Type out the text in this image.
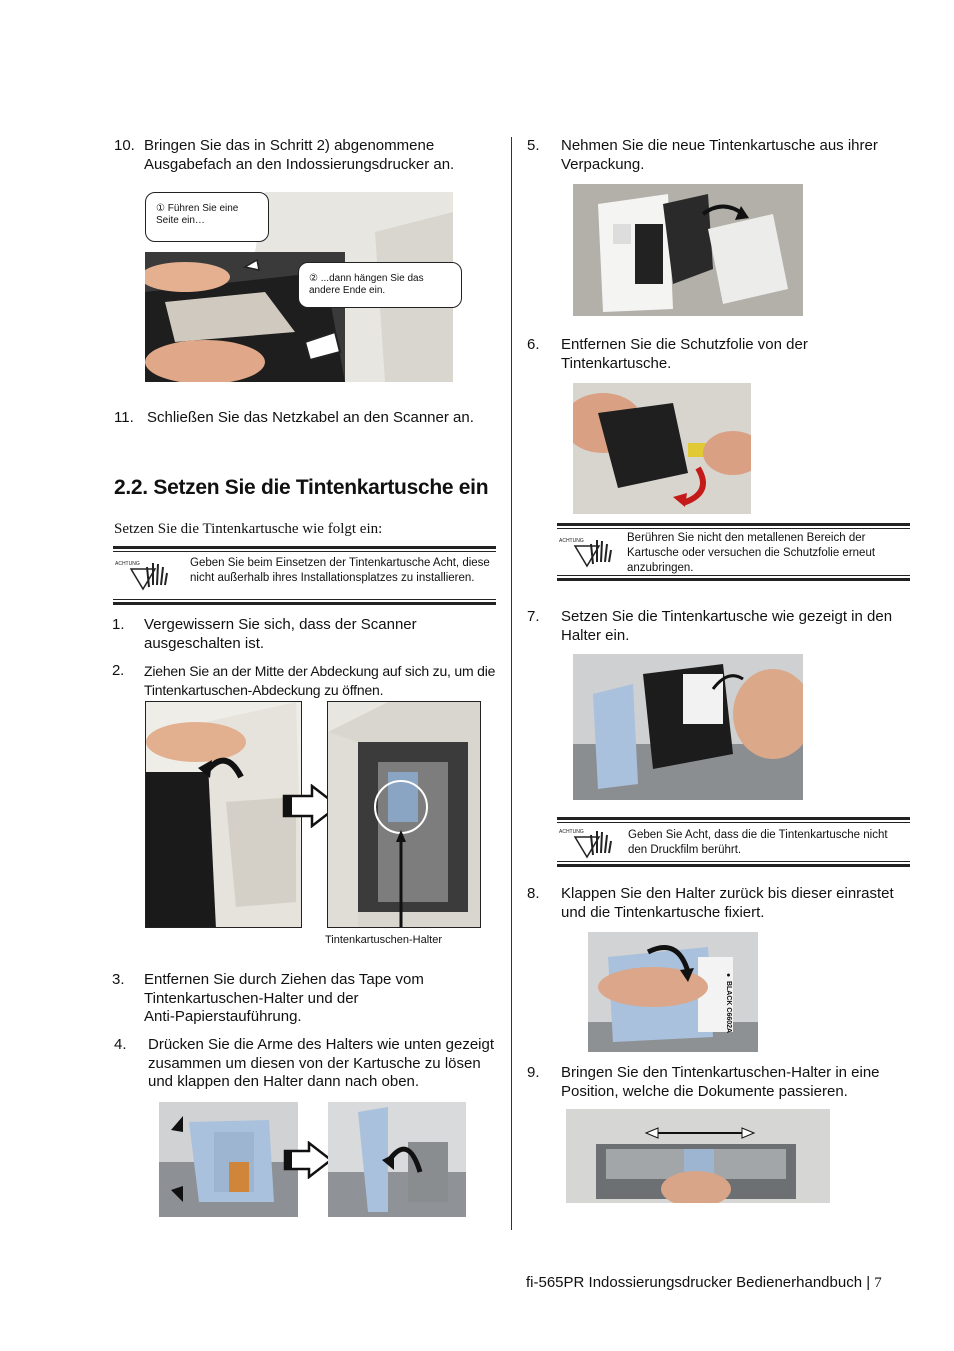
10. Bringen Sie das in Schritt 2) abgenommene Ausgabefach an den Indossierungsdrucker an.
① Führen Sie eine Seite ein…
② ...dann hängen Sie das andere Ende ein.
11. Schließen Sie das Netzkabel an den Scanner an.
2.2. Setzen Sie die Tintenkartusche ein
Setzen Sie die Tintenkartusche wie folgt ein:
ACHTUNG	Geben Sie beim Einsetzen der Tintenkartusche Acht, diese nicht außerhalb ihres Installationsplatzes zu installieren.
1. Vergewissern Sie sich, dass der Scanner ausgeschalten ist.
2. Ziehen Sie an der Mitte der Abdeckung auf sich zu, um die Tintenkartuschen-Abdeckung zu öffnen.
Tintenkartuschen-Halter
3. Entfernen Sie durch Ziehen das Tape vom
Tintenkartuschen-Halter und der
Anti-Papierstauführung.
4. Drücken Sie die Arme des Halters wie unten gezeigt zusammen um diesen von der Kartusche zu lösen und klappen den Halter dann nach oben.
5. Nehmen Sie die neue Tintenkartusche aus ihrer Verpackung.
6. Entfernen Sie die Schutzfolie von der Tintenkartusche.
ACHTUNG	Berühren Sie nicht den metallenen Bereich der Kartusche oder versuchen die Schutzfolie erneut anzubringen.
7. Setzen Sie die Tintenkartusche wie gezeigt in den Halter ein.
ACHTUNG	Geben Sie Acht, dass die die Tintenkartusche nicht den Druckfilm berührt.
8. Klappen Sie den Halter zurück bis dieser einrastet und die Tintenkartusche fixiert.
● BLACK C6602A
9. Bringen Sie den Tintenkartuschen-Halter in eine Position, welche die Dokumente passieren.
fi-565PR Indossierungsdrucker Bedienerhandbuch | 7
